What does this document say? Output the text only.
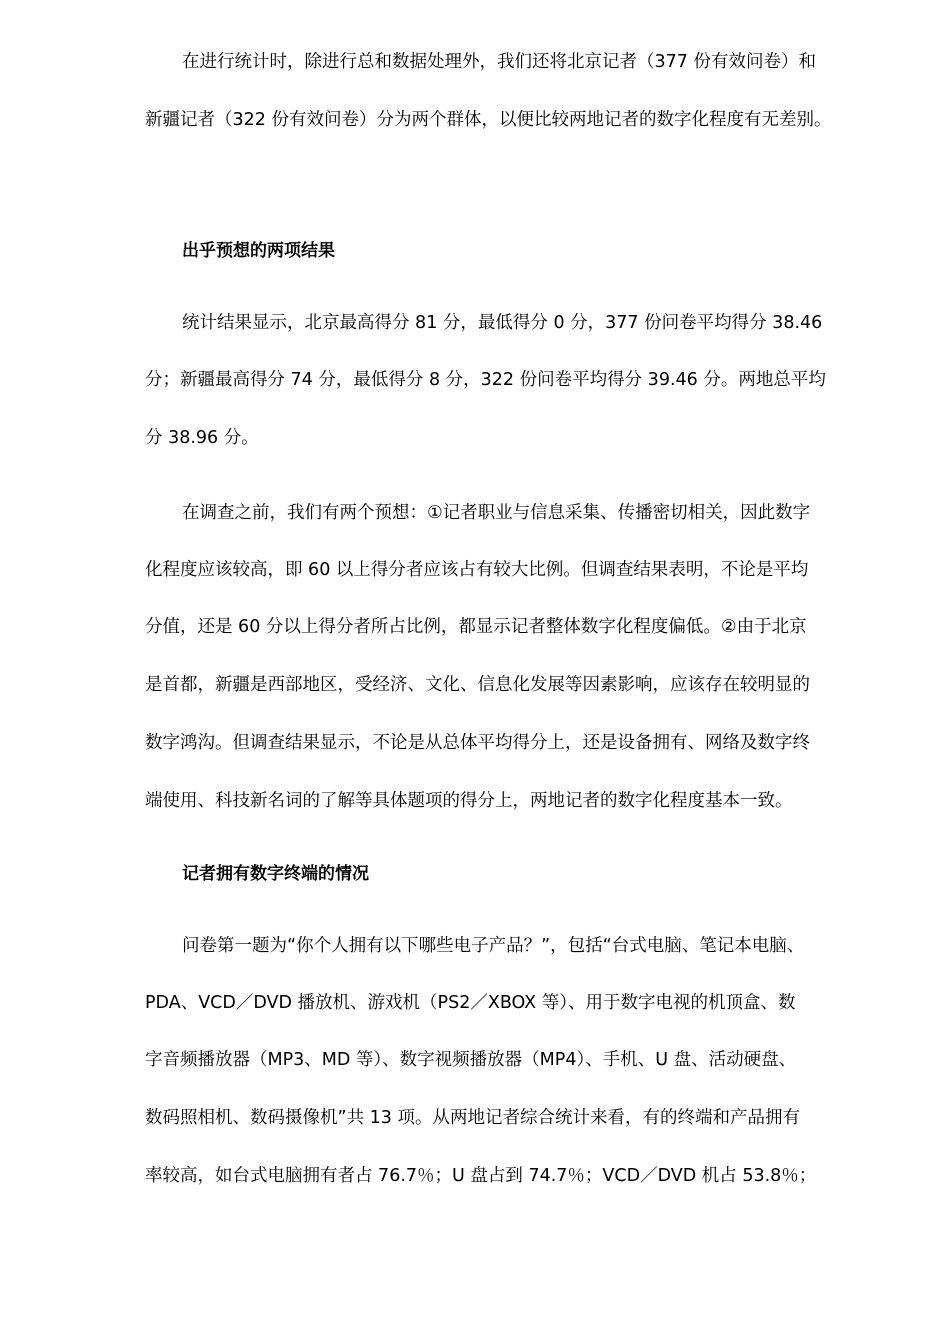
在进行统计时，除进行总和数据处理外，我们还将北京记者（377 份有效问卷）和
新疆记者（322 份有效问卷）分为两个群体，以便比较两地记者的数字化程度有无差别。
出乎预想的两项结果
统计结果显示，北京最高得分 81 分，最低得分 0 分，377 份问卷平均得分 38.46
分；新疆最高得分 74 分，最低得分 8 分，322 份问卷平均得分 39.46 分。两地总平均
分 38.96 分。
在调查之前，我们有两个预想：①记者职业与信息采集、传播密切相关，因此数字
化程度应该较高，即 60 以上得分者应该占有较大比例。但调查结果表明，不论是平均
分值，还是 60 分以上得分者所占比例，都显示记者整体数字化程度偏低。②由于北京
是首都，新疆是西部地区，受经济、文化、信息化发展等因素影响，应该存在较明显的
数字鸿沟。但调查结果显示，不论是从总体平均得分上，还是设备拥有、网络及数字终
端使用、科技新名词的了解等具体题项的得分上，两地记者的数字化程度基本一致。
记者拥有数字终端的情况
问卷第一题为“你个人拥有以下哪些电子产品？”，包括“台式电脑、笔记本电脑、
PDA、VCD／DVD 播放机、游戏机（PS2／XBOX 等）、用于数字电视的机顶盒、数
字音频播放器（MP3、MD 等）、数字视频播放器（MP4）、手机、U 盘、活动硬盘、
数码照相机、数码摄像机”共 13 项。从两地记者综合统计来看，有的终端和产品拥有
率较高，如台式电脑拥有者占 76.7％；U 盘占到 74.7％；VCD／DVD 机占 53.8％；
